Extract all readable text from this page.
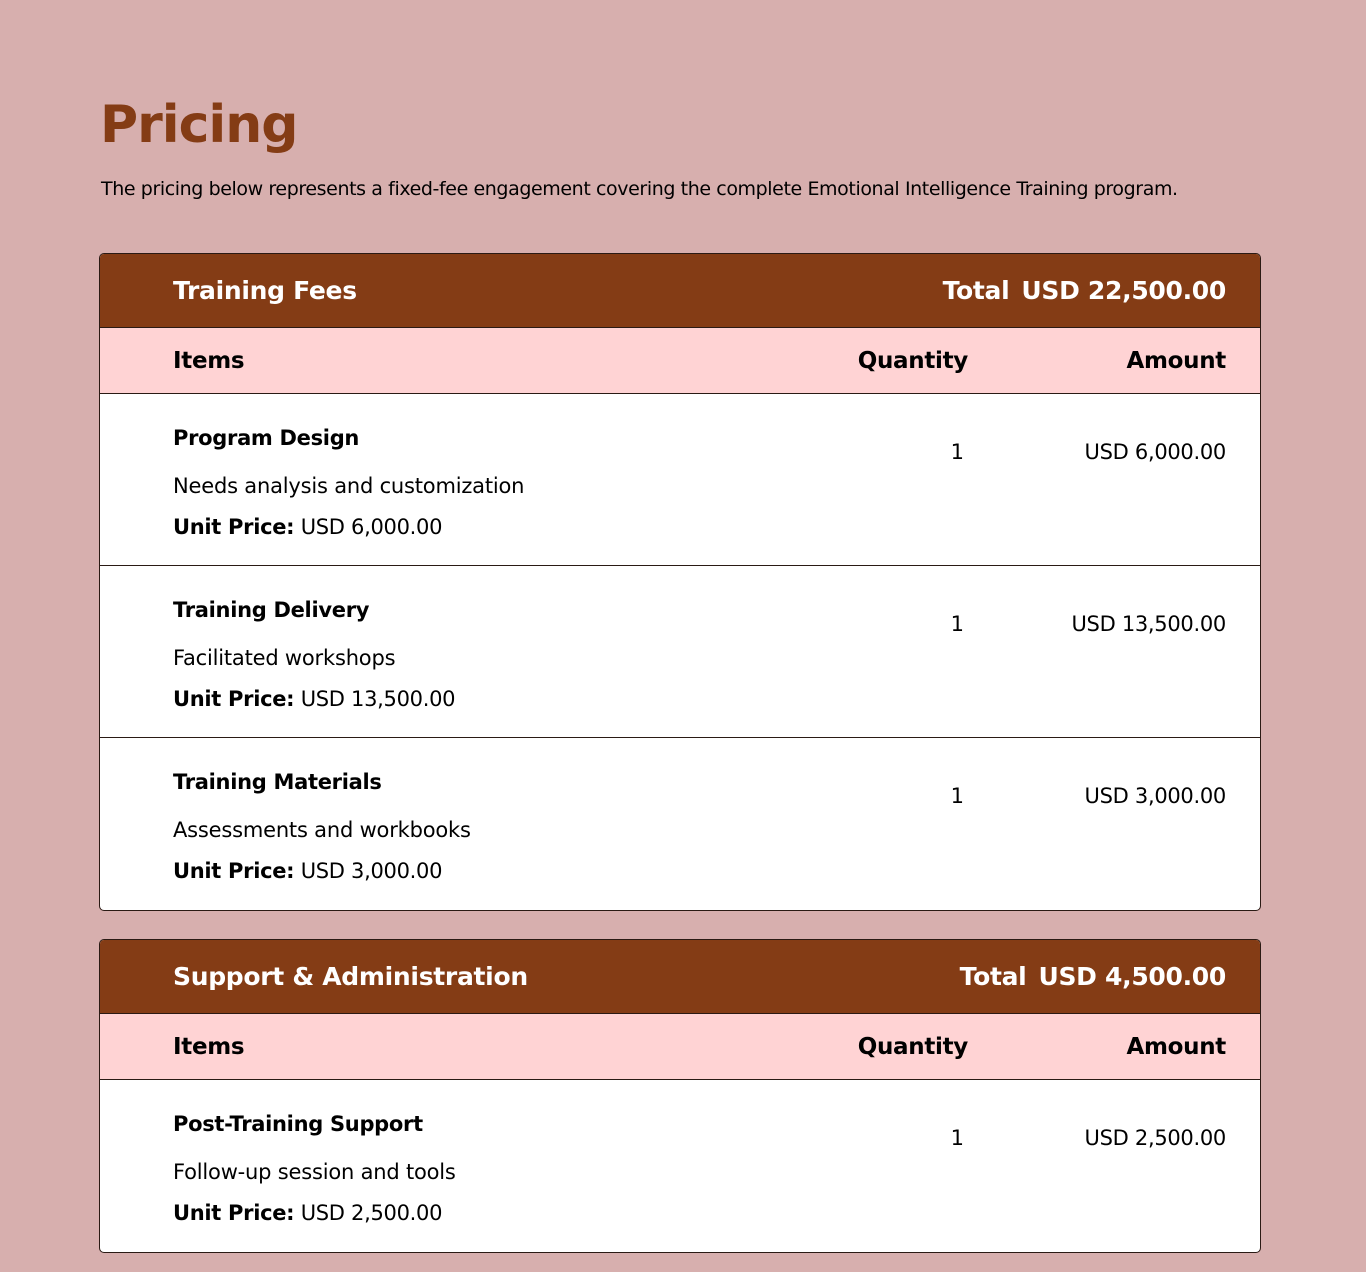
Pricing

The pricing below represents a fixed-fee engagement covering the complete Emotional Intelligence Training program.

Training Fees	Total USD 22,500.00
Items	Quantity	Amount
Program Design
Needs analysis and customization
Unit Price: USD 6,000.00
1	USD 6,000.00
Training Delivery
Facilitated workshops
Unit Price: USD 13,500.00
1	USD 13,500.00
Training Materials
Assessments and workbooks
Unit Price: USD 3,000.00
1	USD 3,000.00
Support & Administration	Total USD 4,500.00
Items	Quantity	Amount
Post-Training Support
Follow-up session and tools
Unit Price: USD 2,500.00
1	USD 2,500.00
